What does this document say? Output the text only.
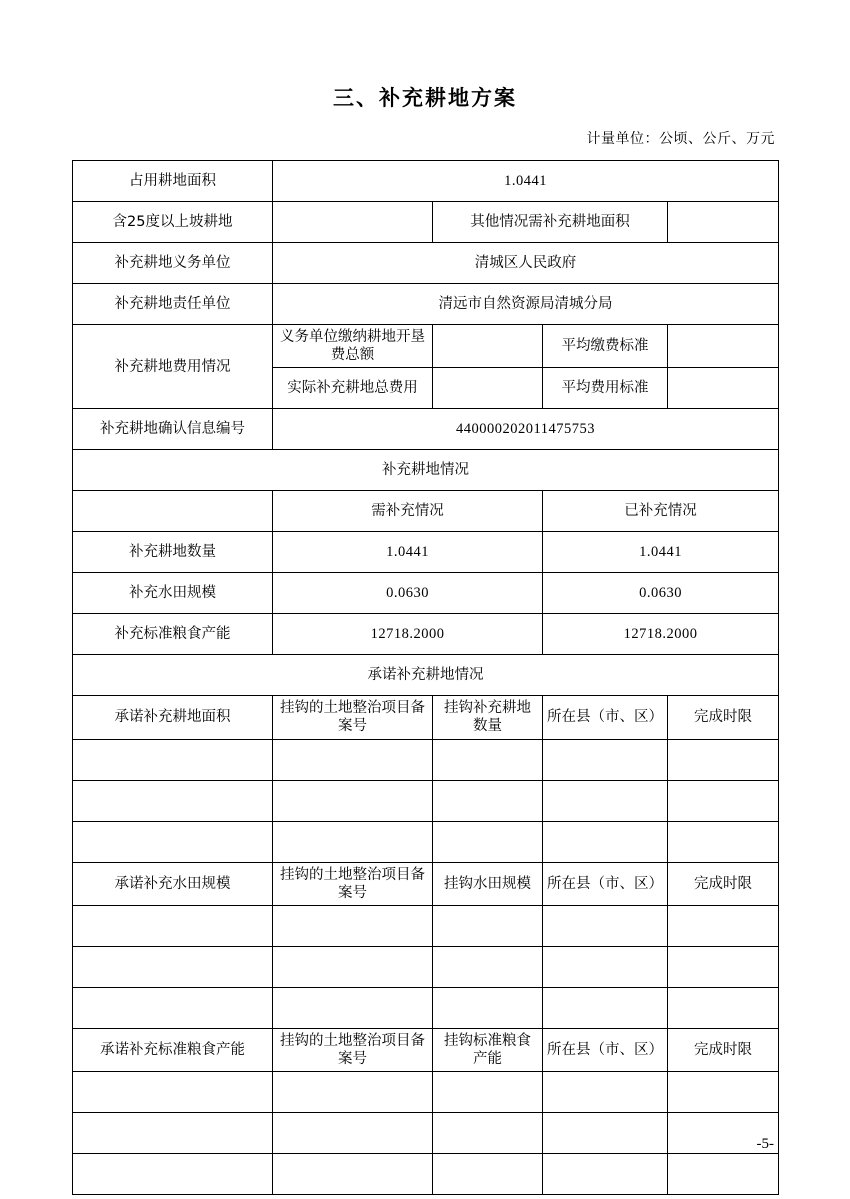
三、补充耕地方案
计量单位：公顷、公斤、万元
占用耕地面积	1.0441			
含25度以上坡耕地		其他情况需补充耕地面积		
补充耕地义务单位	清城区人民政府			
补充耕地责任单位	清远市自然资源局清城分局			
补充耕地费用情况	义务单位缴纳耕地开垦费总额		平均缴费标准	
	实际补充耕地总费用		平均费用标准	
补充耕地确认信息编号	440000202011475753			
补充耕地情况				
	需补充情况		已补充情况	
补充耕地数量	1.0441		1.0441	
补充水田规模	0.0630		0.0630	
补充标准粮食产能	12718.2000		12718.2000	
承诺补充耕地情况				
承诺补充耕地面积	挂钩的土地整治项目备案号	挂钩补充耕地数量	所在县（市、区）	完成时限

承诺补充水田规模	挂钩的土地整治项目备案号	挂钩水田规模	所在县（市、区）	完成时限

承诺补充标准粮食产能	挂钩的土地整治项目备案号	挂钩标准粮食产能	所在县（市、区）	完成时限

-5-
